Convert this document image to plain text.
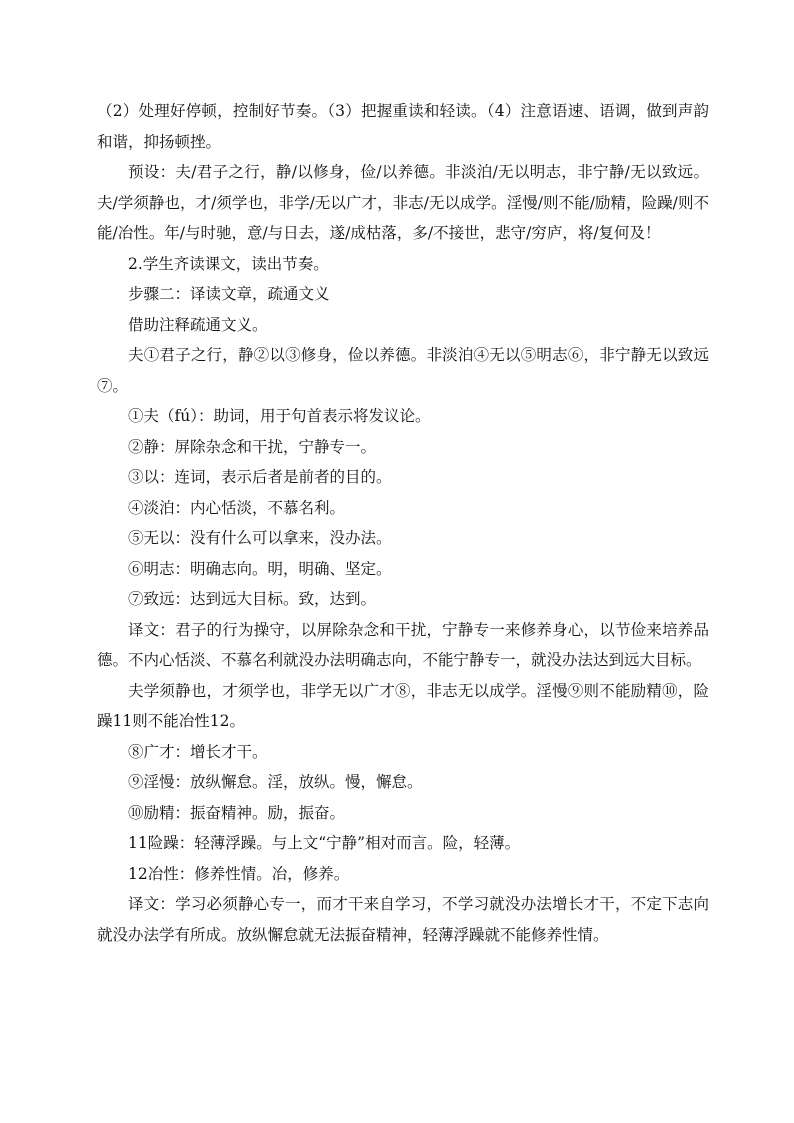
（2）处理好停顿，控制好节奏。（3）把握重读和轻读。（4）注意语速、语调，做到声韵和谐，抑扬顿挫。

预设：夫/君子之行，静/以修身，俭/以养德。非淡泊/无以明志，非宁静/无以致远。夫/学须静也，才/须学也，非学/无以广才，非志/无以成学。淫慢/则不能/励精，险躁/则不能/冶性。年/与时驰，意/与日去，遂/成枯落，多/不接世，悲守/穷庐，将/复何及！

2.学生齐读课文，读出节奏。

步骤二：译读文章，疏通文义

借助注释疏通文义。

夫①君子之行，静②以③修身，俭以养德。非淡泊④无以⑤明志⑥，非宁静无以致远⑦。

①夫（fú）：助词，用于句首表示将发议论。

②静：屏除杂念和干扰，宁静专一。

③以：连词，表示后者是前者的目的。

④淡泊：内心恬淡，不慕名利。

⑤无以：没有什么可以拿来，没办法。

⑥明志：明确志向。明，明确、坚定。

⑦致远：达到远大目标。致，达到。

译文：君子的行为操守，以屏除杂念和干扰，宁静专一来修养身心，以节俭来培养品德。不内心恬淡、不慕名利就没办法明确志向，不能宁静专一，就没办法达到远大目标。

夫学须静也，才须学也，非学无以广才⑧，非志无以成学。淫慢⑨则不能励精⑩，险躁11则不能冶性12。

⑧广才：增长才干。

⑨淫慢：放纵懈怠。淫，放纵。慢，懈怠。

⑩励精：振奋精神。励，振奋。

11险躁：轻薄浮躁。与上文“宁静”相对而言。险，轻薄。

12冶性：修养性情。冶，修养。

译文：学习必须静心专一，而才干来自学习，不学习就没办法增长才干，不定下志向就没办法学有所成。放纵懈怠就无法振奋精神，轻薄浮躁就不能修养性情。
